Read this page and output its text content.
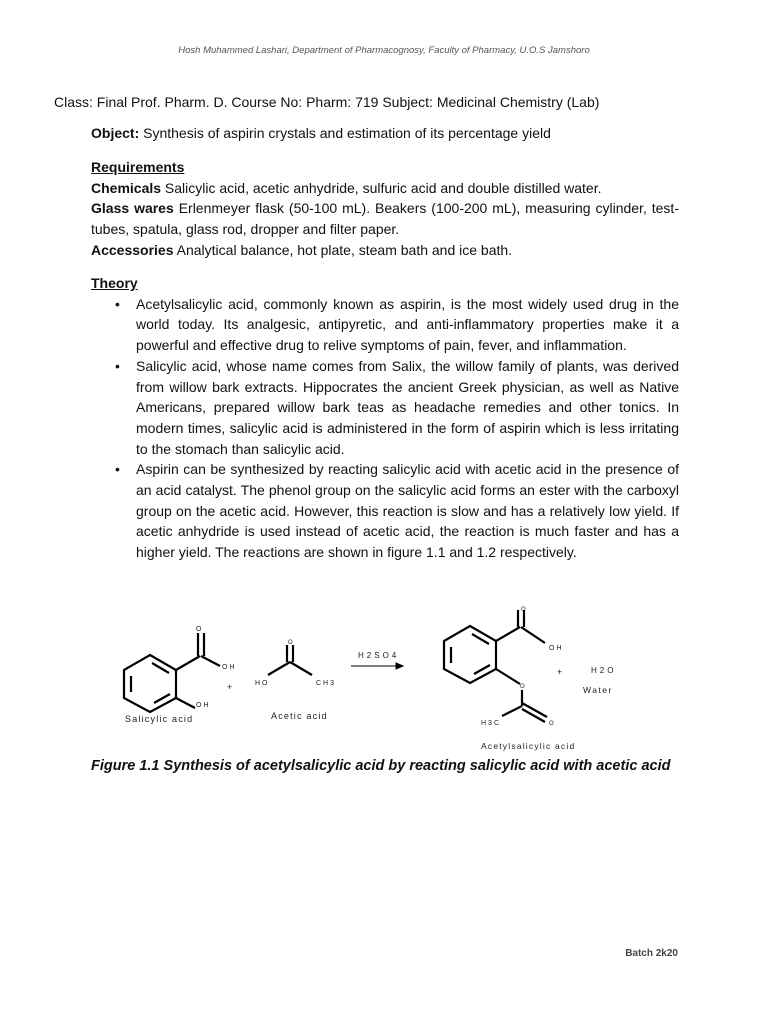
Hosh Muhammed Lashari, Department of Pharmacognosy, Faculty of Pharmacy, U.O.S Jamshoro
Class: Final Prof. Pharm. D. Course No: Pharm: 719 Subject: Medicinal Chemistry (Lab)
Object: Synthesis of aspirin crystals and estimation of its percentage yield
Requirements
Chemicals Salicylic acid, acetic anhydride, sulfuric acid and double distilled water.
Glass wares Erlenmeyer flask (50-100 mL). Beakers (100-200 mL), measuring cylinder, test-tubes, spatula, glass rod, dropper and filter paper.
Accessories Analytical balance, hot plate, steam bath and ice bath.
Theory
• Acetylsalicylic acid, commonly known as aspirin, is the most widely used drug in the world today. Its analgesic, antipyretic, and anti-inflammatory properties make it a powerful and effective drug to relive symptoms of pain, fever, and inflammation.
• Salicylic acid, whose name comes from Salix, the willow family of plants, was derived from willow bark extracts. Hippocrates the ancient Greek physician, as well as Native Americans, prepared willow bark teas as headache remedies and other tonics. In modern times, salicylic acid is administered in the form of aspirin which is less irritating to the stomach than salicylic acid.
• Aspirin can be synthesized by reacting salicylic acid with acetic acid in the presence of an acid catalyst. The phenol group on the salicylic acid forms an ester with the carboxyl group on the acetic acid. However, this reaction is slow and has a relatively low yield. If acetic anhydride is used instead of acetic acid, the reaction is much faster and has a higher yield. The reactions are shown in figure 1.1 and 1.2 respectively.
O
OH
OH
+
Salicylic acid
O
HO	CH3
Acetic acid
H2SO4
O
OH
O
H3C	O
Acetylsalicylic acid
+	H2O
Water
Figure 1.1 Synthesis of acetylsalicylic acid by reacting salicylic acid with acetic acid
Batch 2k20
